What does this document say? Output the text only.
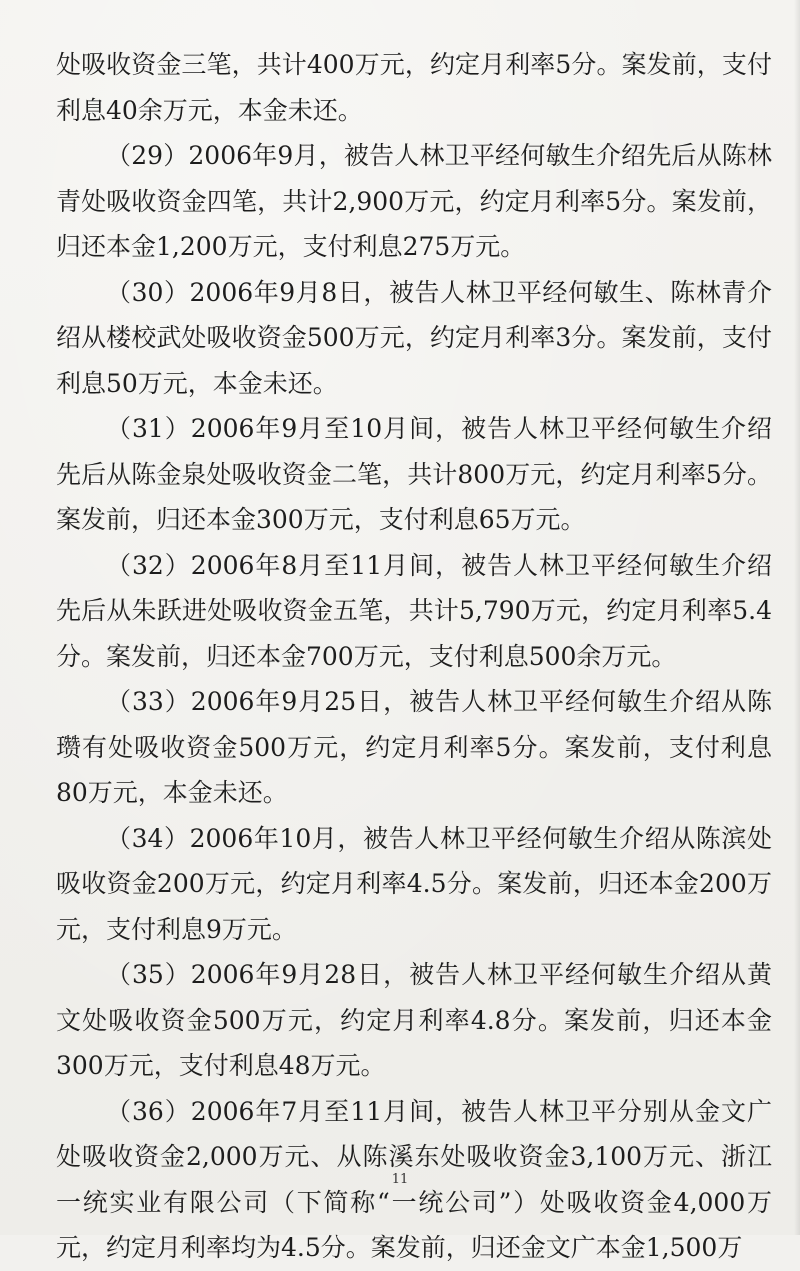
处吸收资金三笔，共计400万元，约定月利率5分。案发前，支付利息40余万元，本金未还。

（29）2006年9月，被告人林卫平经何敏生介绍先后从陈林青处吸收资金四笔，共计2,900万元，约定月利率5分。案发前，归还本金1,200万元，支付利息275万元。

（30）2006年9月8日，被告人林卫平经何敏生、陈林青介绍从楼校武处吸收资金500万元，约定月利率3分。案发前，支付利息50万元，本金未还。

（31）2006年9月至10月间，被告人林卫平经何敏生介绍先后从陈金泉处吸收资金二笔，共计800万元，约定月利率5分。案发前，归还本金300万元，支付利息65万元。

（32）2006年8月至11月间，被告人林卫平经何敏生介绍先后从朱跃进处吸收资金五笔，共计5,790万元，约定月利率5.4分。案发前，归还本金700万元，支付利息500余万元。

（33）2006年9月25日，被告人林卫平经何敏生介绍从陈瓒有处吸收资金500万元，约定月利率5分。案发前，支付利息80万元，本金未还。

（34）2006年10月，被告人林卫平经何敏生介绍从陈滨处吸收资金200万元，约定月利率4.5分。案发前，归还本金200万元，支付利息9万元。

（35）2006年9月28日，被告人林卫平经何敏生介绍从黄文处吸收资金500万元，约定月利率4.8分。案发前，归还本金300万元，支付利息48万元。

（36）2006年7月至11月间，被告人林卫平分别从金文广处吸收资金2,000万元、从陈溪东处吸收资金3,100万元、浙江一统实业有限公司（下简称“一统公司”）处吸收资金4,000万元，约定月利率均为4.5分。案发前，归还金文广本金1,500万

11
